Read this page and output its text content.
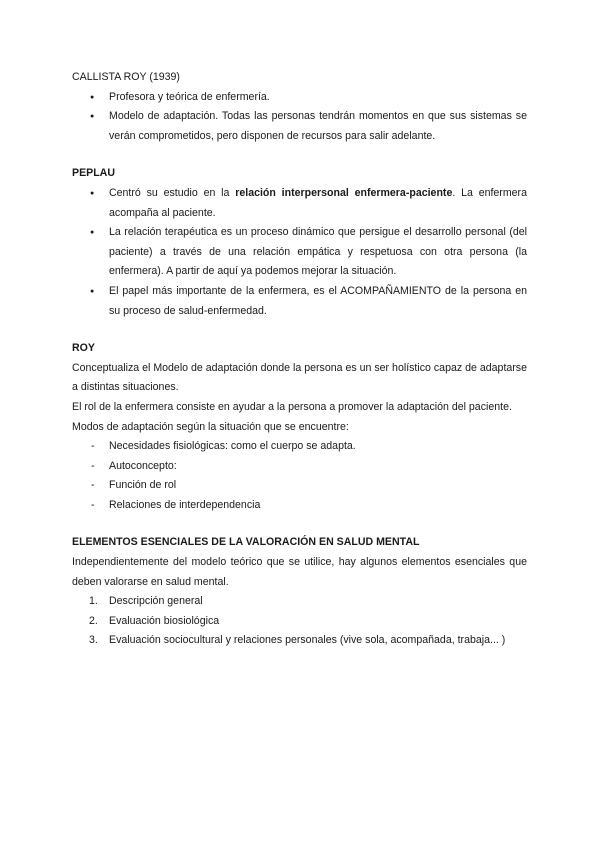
CALLISTA ROY (1939)

● Profesora y teórica de enfermería.
● Modelo de adaptación. Todas las personas tendrán momentos en que sus sistemas se verán comprometidos, pero disponen de recursos para salir adelante.

PEPLAU

● Centró su estudio en la relación interpersonal enfermera-paciente. La enfermera acompaña al paciente.
● La relación terapéutica es un proceso dinámico que persigue el desarrollo personal (del paciente) a través de una relación empática y respetuosa con otra persona (la enfermera). A partir de aquí ya podemos mejorar la situación.
● El papel más importante de la enfermera, es el ACOMPAÑAMIENTO de la persona en su proceso de salud-enfermedad.

ROY

Conceptualiza el Modelo de adaptación donde la persona es un ser holístico capaz de adaptarse a distintas situaciones.

El rol de la enfermera consiste en ayudar a la persona a promover la adaptación del paciente.

Modos de adaptación según la situación que se encuentre:

- Necesidades fisiológicas: como el cuerpo se adapta.
- Autoconcepto:
- Función de rol
- Relaciones de interdependencia

ELEMENTOS ESENCIALES DE LA VALORACIÓN EN SALUD MENTAL

Independientemente del modelo teórico que se utilice, hay algunos elementos esenciales que deben valorarse en salud mental.

1. Descripción general
2. Evaluación biosiológica
3. Evaluación sociocultural y relaciones personales (vive sola, acompañada, trabaja... )
